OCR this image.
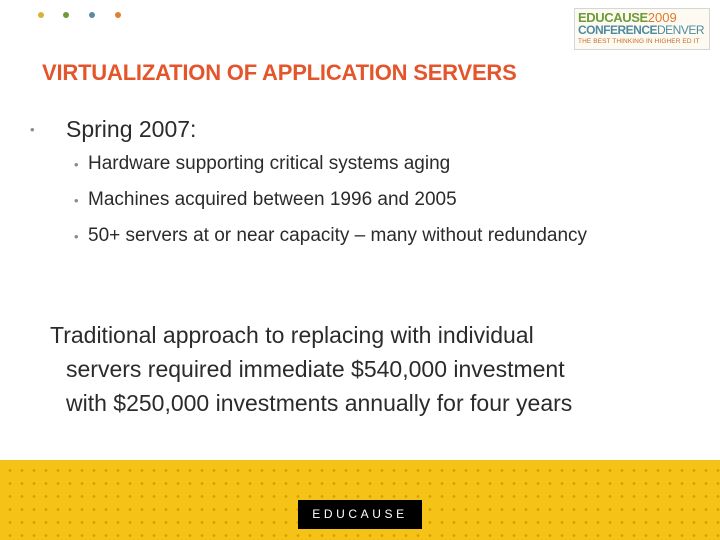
EDUCAUSE2009
CONFERENCEDENVER
THE BEST THINKING IN HIGHER ED IT
VIRTUALIZATION OF APPLICATION SERVERS
• Spring 2007:
• Hardware supporting critical systems aging
• Machines acquired between 1996 and 2005
• 50+ servers at or near capacity – many without redundancy
Traditional approach to replacing with individual
servers required immediate $540,000 investment
with $250,000 investments annually for four years
EDUCAUSE
